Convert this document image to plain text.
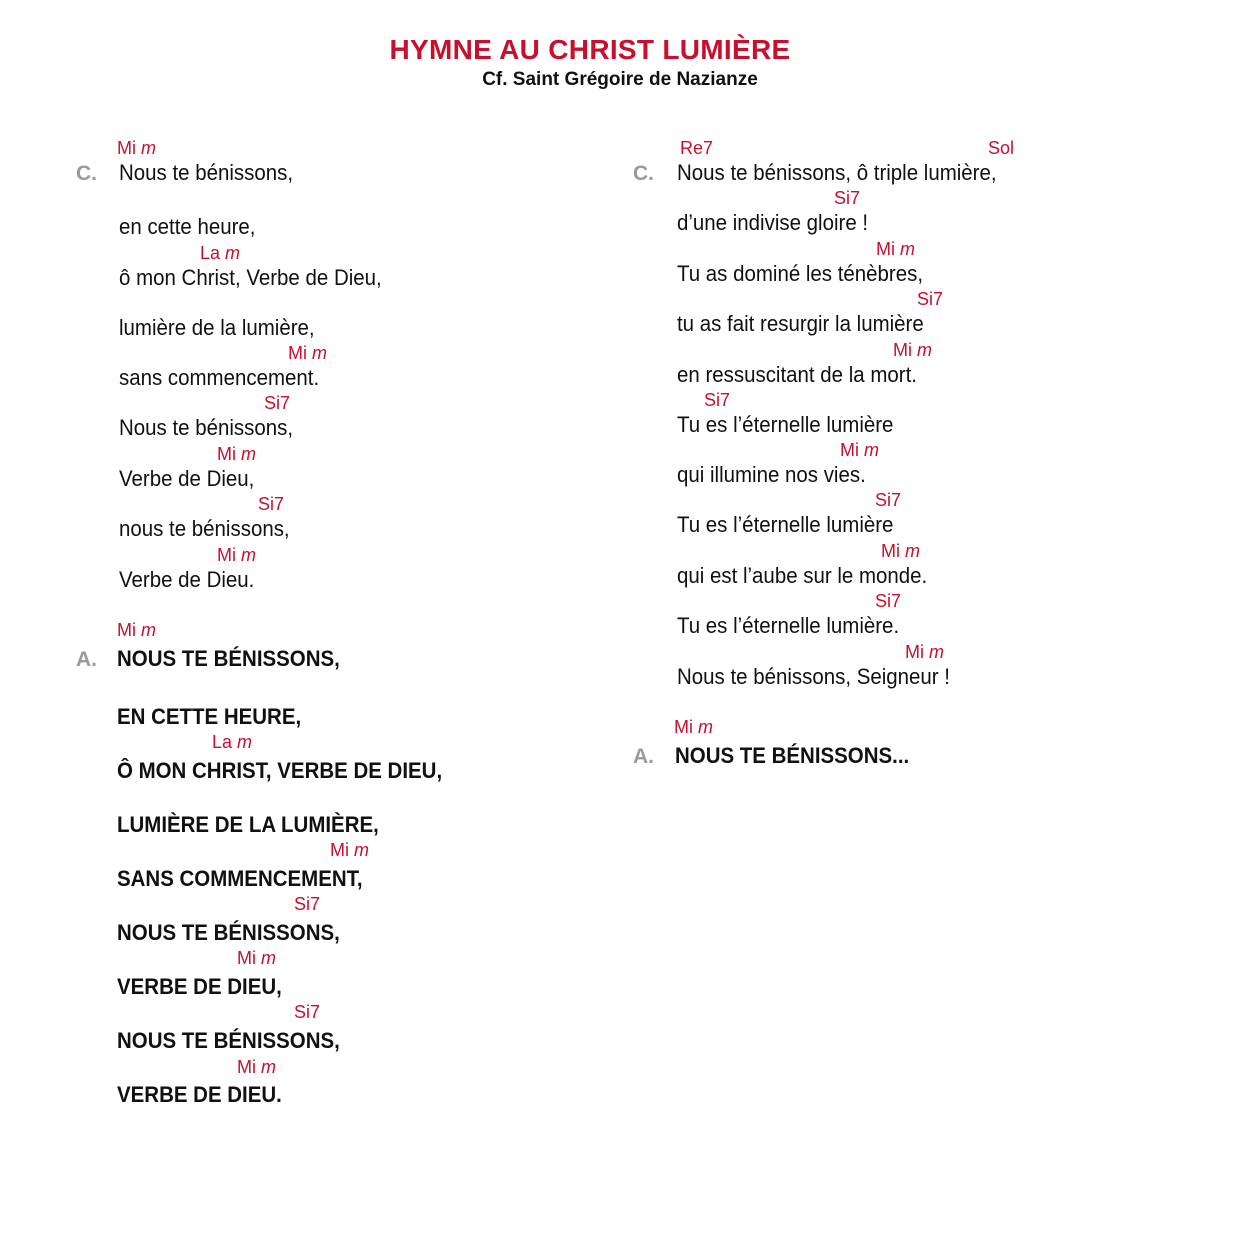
HYMNE AU CHRIST LUMIÈRE
Cf. Saint Grégoire de Nazianze
C.
Mi m
Nous te bénissons,
en cette heure,
La m
ô mon Christ, Verbe de Dieu,
lumière de la lumière,
Mi m
sans commencement.
Si7
Nous te bénissons,
Mi m
Verbe de Dieu,
Si7
nous te bénissons,
Mi m
Verbe de Dieu.
A.
Mi m
NOUS TE BÉNISSONS,
EN CETTE HEURE,
La m
Ô MON CHRIST, VERBE DE DIEU,
LUMIÈRE DE LA LUMIÈRE,
Mi m
SANS COMMENCEMENT,
Si7
NOUS TE BÉNISSONS,
Mi m
VERBE DE DIEU,
Si7
NOUS TE BÉNISSONS,
Mi m
VERBE DE DIEU.
C.
Re7	Sol
Nous te bénissons, ô triple lumière,
Si7
d’une indivise gloire !
Mi m
Tu as dominé les ténèbres,
Si7
tu as fait resurgir la lumière
Mi m
en ressuscitant de la mort.
Si7
Tu es l’éternelle lumière
Mi m
qui illumine nos vies.
Si7
Tu es l’éternelle lumière
Mi m
qui est l’aube sur le monde.
Si7
Tu es l’éternelle lumière.
Mi m
Nous te bénissons, Seigneur !
A.
Mi m
NOUS TE BÉNISSONS...
